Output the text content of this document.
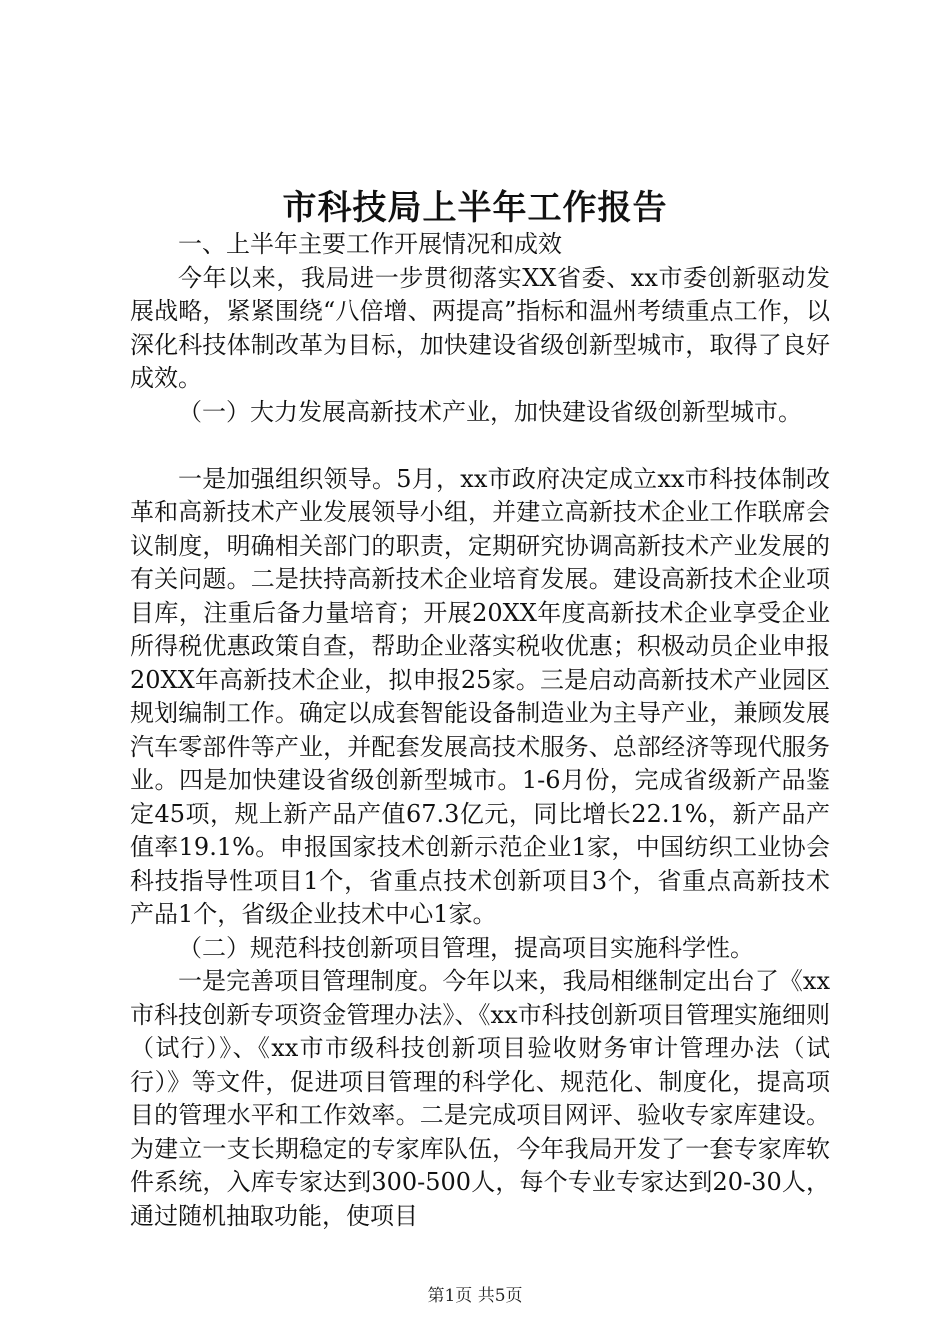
市科技局上半年工作报告

一、上半年主要工作开展情况和成效

今年以来，我局进一步贯彻落实XX省委、xx市委创新驱动发展战略，紧紧围绕“八倍增、两提高”指标和温州考绩重点工作，以深化科技体制改革为目标，加快建设省级创新型城市，取得了良好成效。

（一）大力发展高新技术产业，加快建设省级创新型城市。

一是加强组织领导。5月，xx市政府决定成立xx市科技体制改革和高新技术产业发展领导小组，并建立高新技术企业工作联席会议制度，明确相关部门的职责，定期研究协调高新技术产业发展的有关问题。二是扶持高新技术企业培育发展。建设高新技术企业项目库，注重后备力量培育；开展20XX年度高新技术企业享受企业所得税优惠政策自查，帮助企业落实税收优惠；积极动员企业申报20XX年高新技术企业，拟申报25家。三是启动高新技术产业园区规划编制工作。确定以成套智能设备制造业为主导产业，兼顾发展汽车零部件等产业，并配套发展高技术服务、总部经济等现代服务业。四是加快建设省级创新型城市。1-6月份，完成省级新产品鉴定45项，规上新产品产值67.3亿元，同比增长22.1%，新产品产值率19.1%。申报国家技术创新示范企业1家，中国纺织工业协会科技指导性项目1个，省重点技术创新项目3个，省重点高新技术产品1个，省级企业技术中心1家。

（二）规范科技创新项目管理，提高项目实施科学性。

一是完善项目管理制度。今年以来，我局相继制定出台了《xx市科技创新专项资金管理办法》、《xx市科技创新项目管理实施细则（试行）》、《xx市市级科技创新项目验收财务审计管理办法（试行）》等文件，促进项目管理的科学化、规范化、制度化，提高项目的管理水平和工作效率。二是完成项目网评、验收专家库建设。为建立一支长期稳定的专家库队伍，今年我局开发了一套专家库软件系统，入库专家达到300-500人，每个专业专家达到20-30人，通过随机抽取功能，使项目

第1页 共5页
